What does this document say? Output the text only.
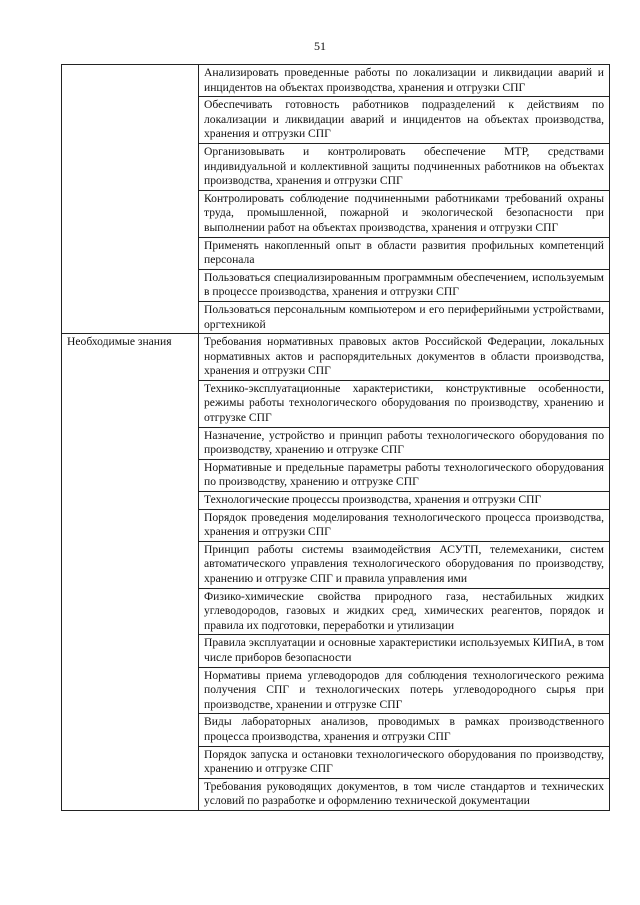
51
	Анализировать проведенные работы по локализации и ликвидации аварий и инцидентов на объектах производства, хранения и отгрузки СПГ
	Обеспечивать готовность работников подразделений к действиям по локализации и ликвидации аварий и инцидентов на объектах производства, хранения и отгрузки СПГ
	Организовывать и контролировать обеспечение МТР, средствами индивидуальной и коллективной защиты подчиненных работников на объектах производства, хранения и отгрузки СПГ
	Контролировать соблюдение подчиненными работниками требований охраны труда, промышленной, пожарной и экологической безопасности при выполнении работ на объектах производства, хранения и отгрузки СПГ
	Применять накопленный опыт в области развития профильных компетенций персонала
	Пользоваться специализированным программным обеспечением, используемым в процессе производства, хранения и отгрузки СПГ
	Пользоваться персональным компьютером и его периферийными устройствами, оргтехникой
Необходимые знания	Требования нормативных правовых актов Российской Федерации, локальных нормативных актов и распорядительных документов в области производства, хранения и отгрузки СПГ
	Технико-эксплуатационные характеристики, конструктивные особенности, режимы работы технологического оборудования по производству, хранению и отгрузке СПГ
	Назначение, устройство и принцип работы технологического оборудования по производству, хранению и отгрузке СПГ
	Нормативные и предельные параметры работы технологического оборудования по производству, хранению и отгрузке СПГ
	Технологические процессы производства, хранения и отгрузки СПГ
	Порядок проведения моделирования технологического процесса производства, хранения и отгрузки СПГ
	Принцип работы системы взаимодействия АСУТП, телемеханики, систем автоматического управления технологического оборудования по производству, хранению и отгрузке СПГ и правила управления ими
	Физико-химические свойства природного газа, нестабильных жидких углеводородов, газовых и жидких сред, химических реагентов, порядок и правила их подготовки, переработки и утилизации
	Правила эксплуатации и основные характеристики используемых КИПиА, в том числе приборов безопасности
	Нормативы приема углеводородов для соблюдения технологического режима получения СПГ и технологических потерь углеводородного сырья при производстве, хранении и отгрузке СПГ
	Виды лабораторных анализов, проводимых в рамках производственного процесса производства, хранения и отгрузки СПГ
	Порядок запуска и остановки технологического оборудования по производству, хранению и отгрузке СПГ
	Требования руководящих документов, в том числе стандартов и технических условий по разработке и оформлению технической документации
